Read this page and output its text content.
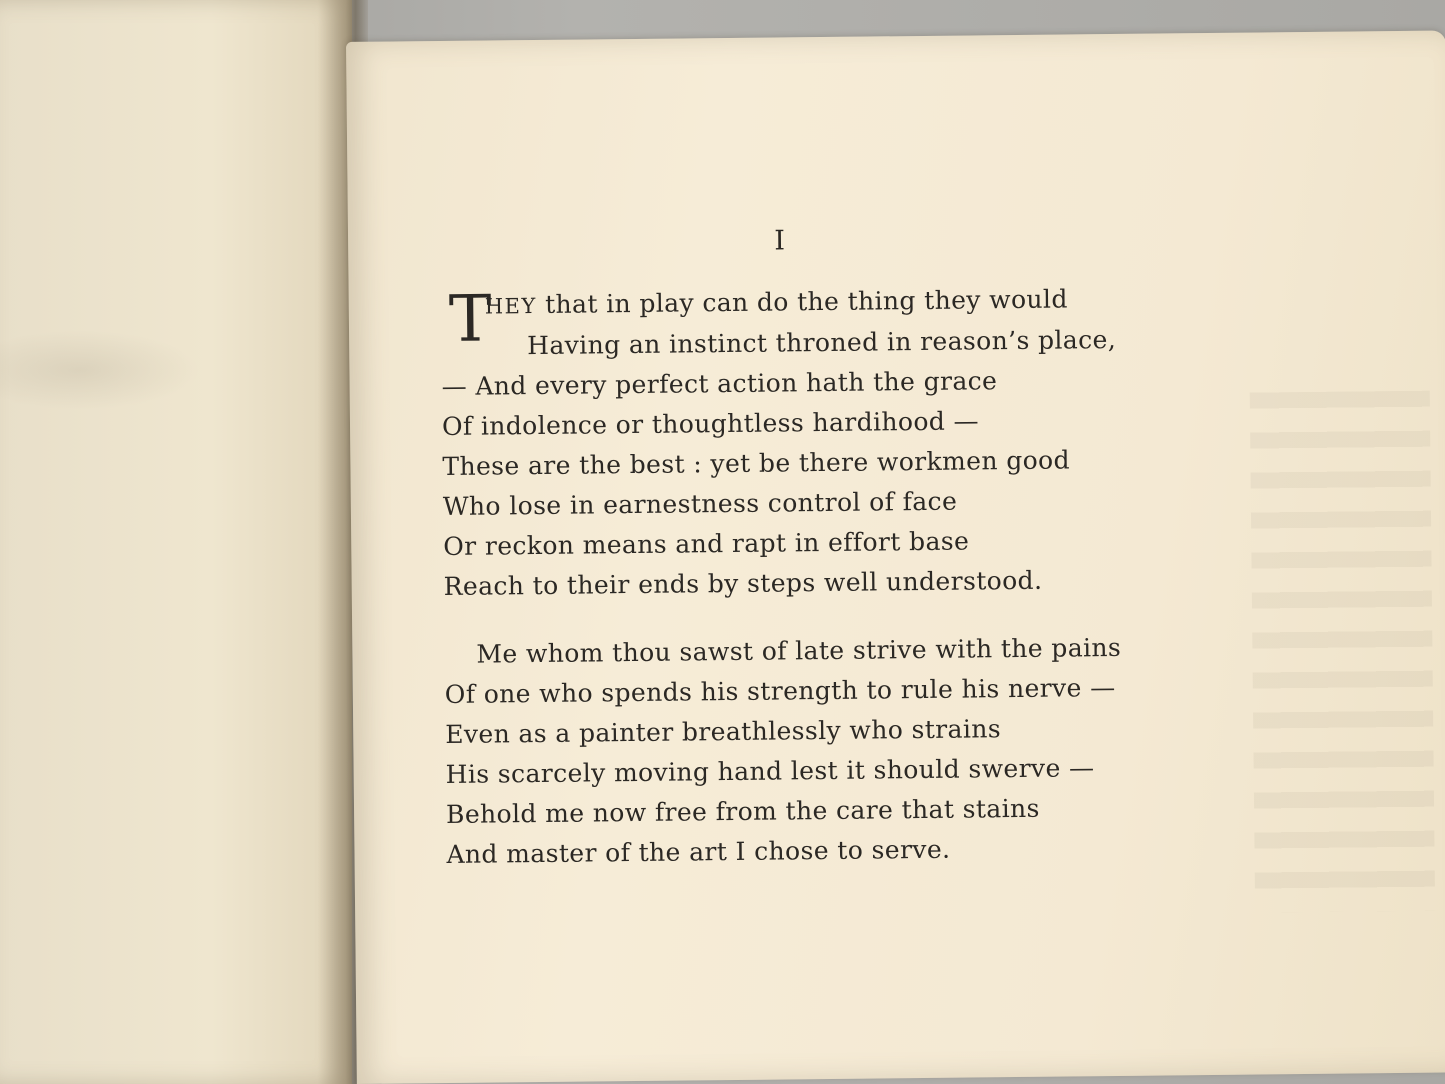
I
T
HEY that in play can do the thing they would
Having an instinct throned in reason’s place,
— And every perfect action hath the grace
Of indolence or thoughtless hardihood —
These are the best : yet be there workmen good
Who lose in earnestness control of face
Or reckon means and rapt in effort base
Reach to their ends by steps well understood.
Me whom thou sawst of late strive with the pains
Of one who spends his strength to rule his nerve —
Even as a painter breathlessly who strains
His scarcely moving hand lest it should swerve —
Behold me now free from the care that stains
And master of the art I chose to serve.
